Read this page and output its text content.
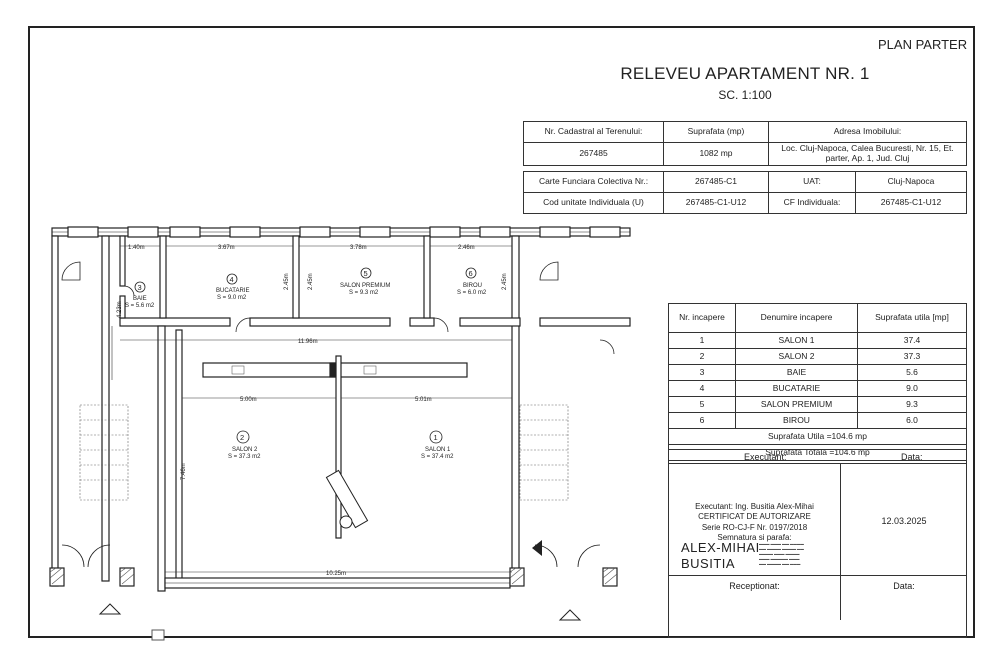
PLAN PARTER
RELEVEU APARTAMENT NR. 1
SC. 1:100
Nr. Cadastral al Terenului:	Suprafata (mp)	Adresa Imobilului:
267485	1082 mp	Loc. Cluj-Napoca, Calea Bucuresti, Nr. 15, Et. parter, Ap. 1, Jud. Cluj
Carte Funciara Colectiva Nr.:	267485-C1	UAT:	Cluj-Napoca
Cod unitate Individuala (U)	267485-C1-U12	CF Individuala:	267485-C1-U12
Nr. incapere	Denumire incapere	Suprafata utila [mp]
1	SALON 1	37.4
2	SALON 2	37.3
3	BAIE	5.6
4	BUCATARIE	9.0
5	SALON PREMIUM	9.3
6	BIROU	6.0
Suprafata Utila =104.6 mp		
Suprafata Totala =104.6 mp		
Executant:	Data:
Executant: Ing. Busitia Alex-Mihai
CERTIFICAT DE AUTORIZARE
Serie RO-CJ-F Nr. 0197/2018
Semnatura si parafa:
ALEX-MIHAI
BUSITIA
▬▬▬ ▬▬▬ ▬▬ ▬▬▬▬
▬▬ ▬▬▬▬ ▬▬▬▬ ▬▬
▬▬▬▬ ▬▬▬ ▬▬▬▬
▬▬▬ ▬▬▬▬▬ ▬▬▬
▬▬ ▬▬▬▬ ▬▬ ▬▬▬
12.03.2025
Receptionat:	Data:
1.40m	3.67m	3.78m	2.46m
11.96m
5.00m	5.01m
10.25m
4.23m
2.45m	2.45m	2.45m
7.46m
3
BAIE
S = 5.6 m2
4
BUCATARIE
S = 9.0 m2
5
SALON PREMIUM
S = 9.3 m2
6
BIROU
S = 6.0 m2
2
SALON 2
S = 37.3 m2
1
SALON 1
S = 37.4 m2
